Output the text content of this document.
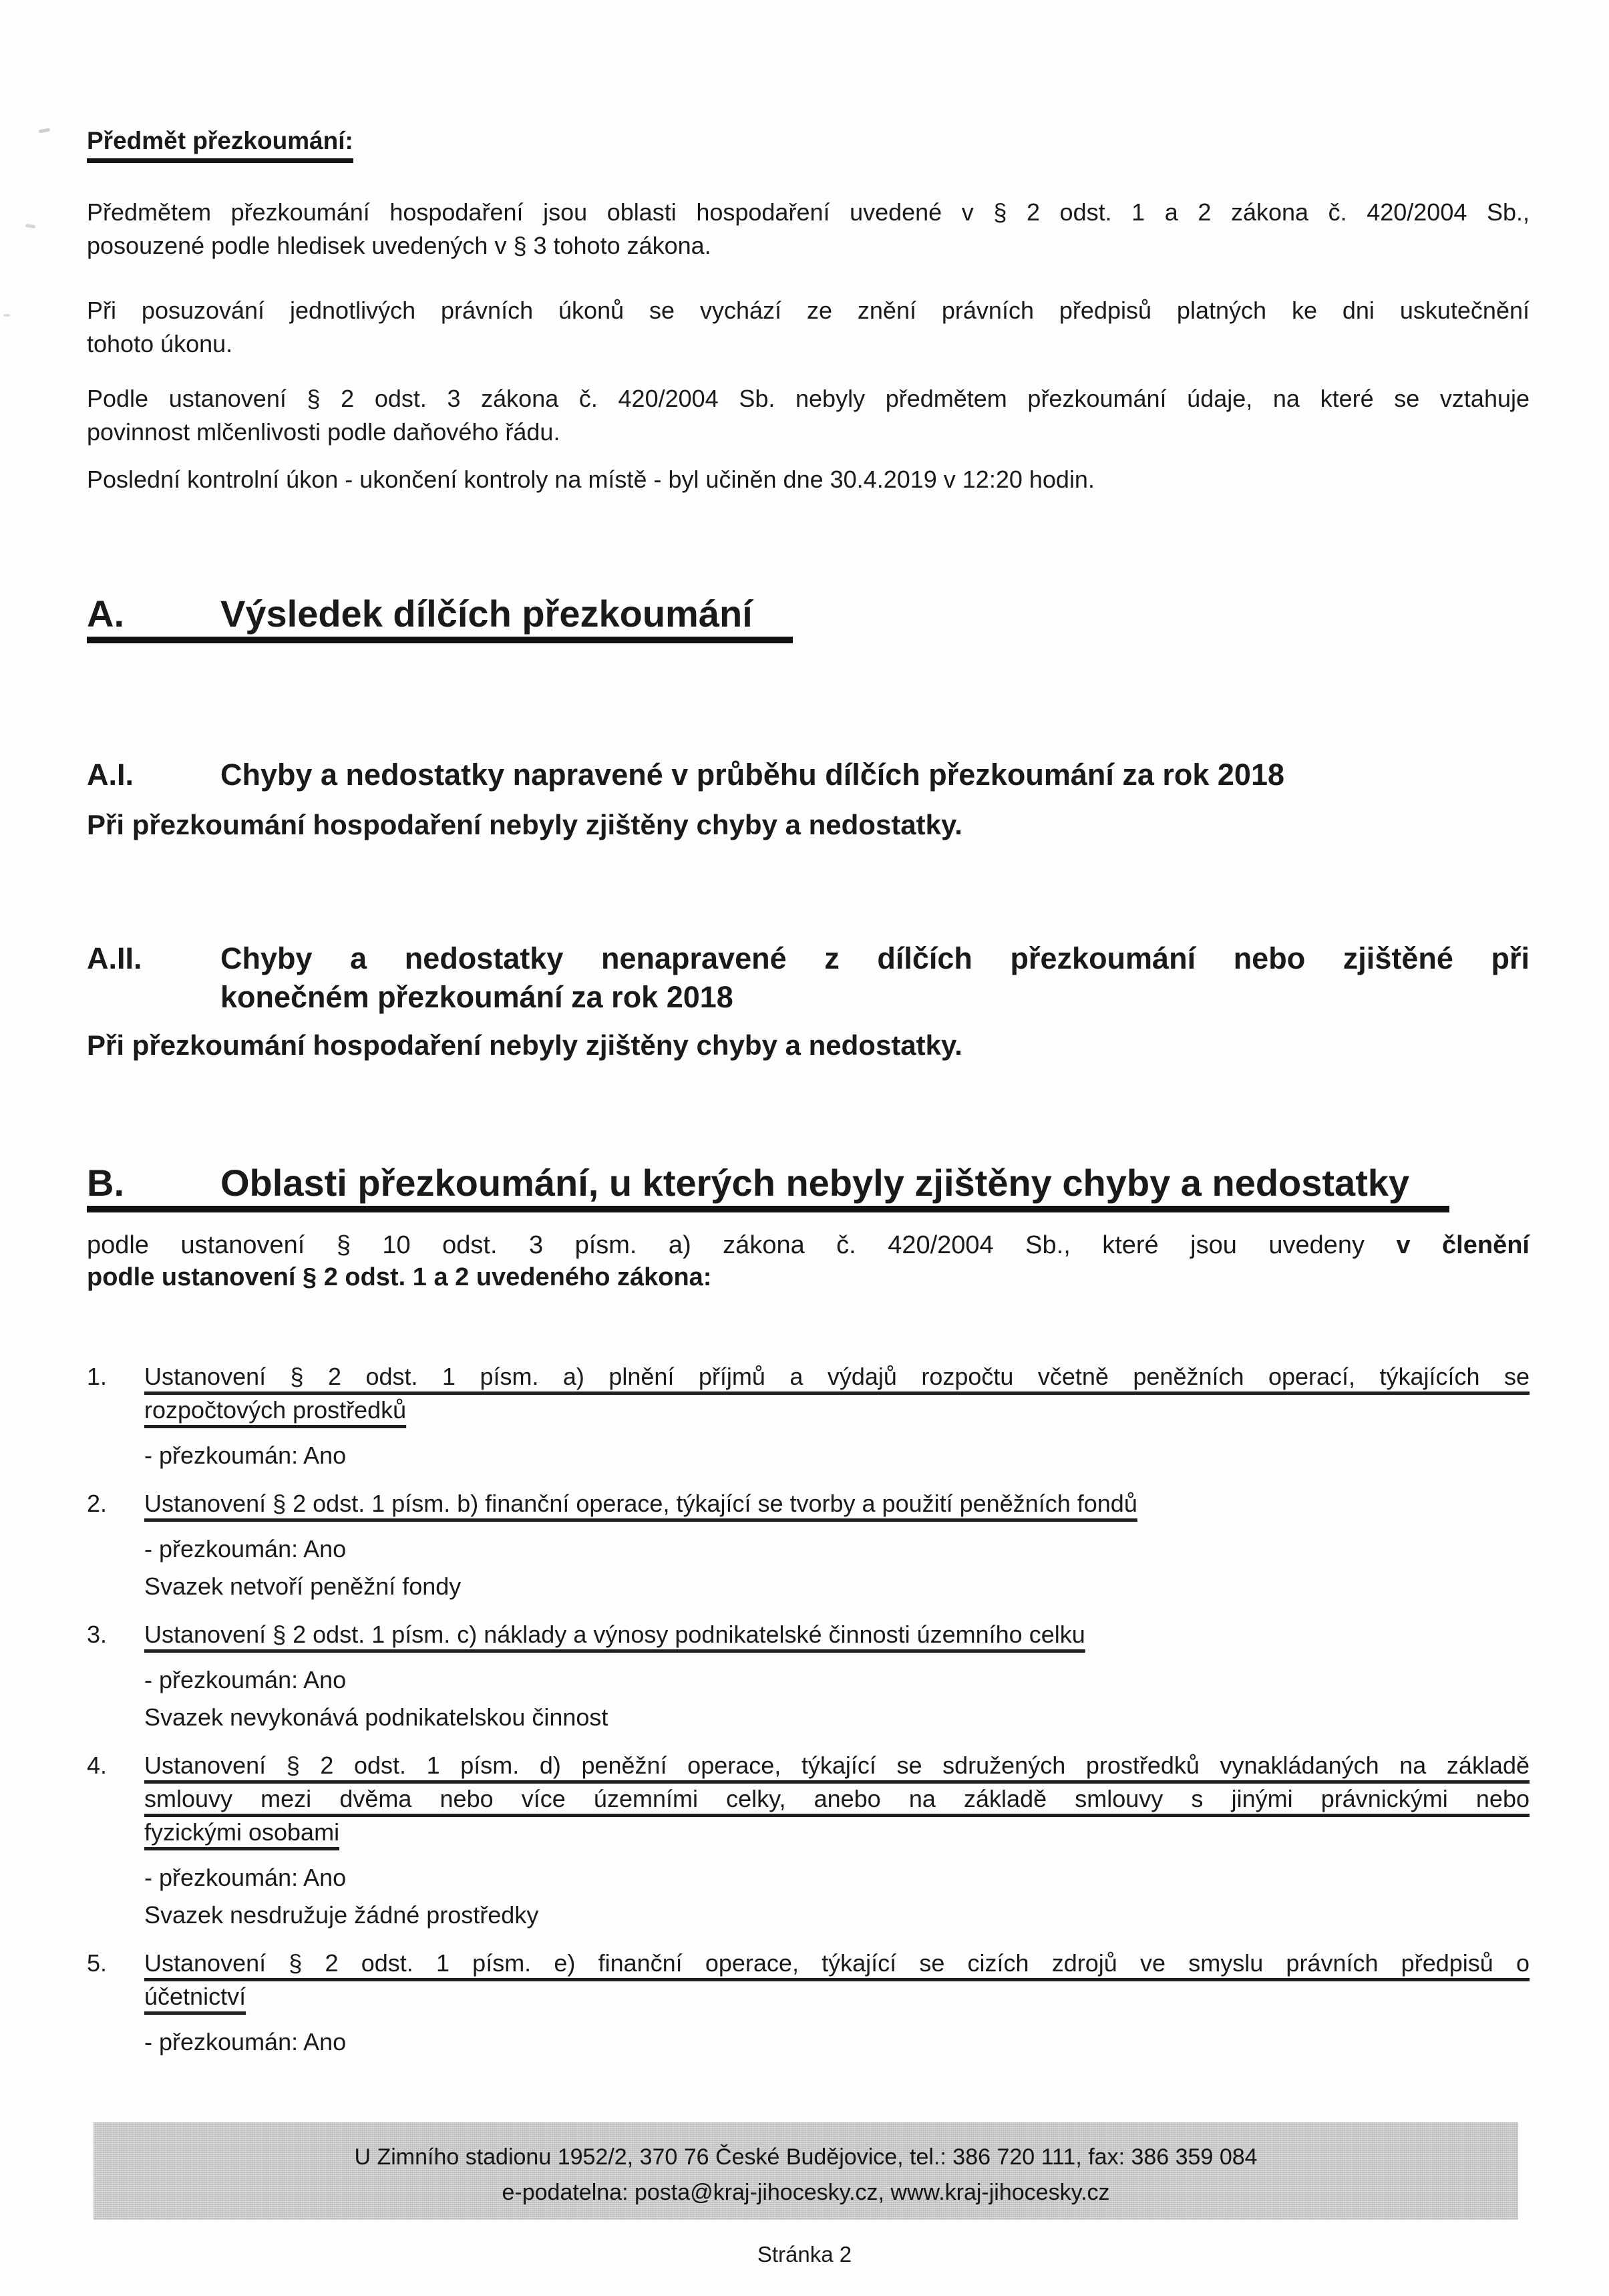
Předmět přezkoumání:
Předmětem přezkoumání hospodaření jsou oblasti hospodaření uvedené v § 2 odst. 1 a 2 zákona č. 420/2004 Sb.,
posouzené podle hledisek uvedených v § 3 tohoto zákona.
Při posuzování jednotlivých právních úkonů se vychází ze znění právních předpisů platných ke dni uskutečnění
tohoto úkonu.
Podle ustanovení § 2 odst. 3 zákona č. 420/2004 Sb. nebyly předmětem přezkoumání údaje, na které se vztahuje
povinnost mlčenlivosti podle daňového řádu.
Poslední kontrolní úkon - ukončení kontroly na místě - byl učiněn dne 30.4.2019 v 12:20 hodin.
A.	Výsledek dílčích přezkoumání
A.I.	Chyby a nedostatky napravené v průběhu dílčích přezkoumání za rok 2018
Při přezkoumání hospodaření nebyly zjištěny chyby a nedostatky.
A.II.	Chyby a nedostatky nenapravené z dílčích přezkoumání nebo zjištěné při
konečném přezkoumání za rok 2018
Při přezkoumání hospodaření nebyly zjištěny chyby a nedostatky.
B.	Oblasti přezkoumání, u kterých nebyly zjištěny chyby a nedostatky
podle ustanovení § 10 odst. 3 písm. a) zákona č. 420/2004 Sb., které jsou uvedeny v členění
podle ustanovení § 2 odst. 1 a 2 uvedeného zákona:
1.	Ustanovení § 2 odst. 1 písm. a) plnění příjmů a výdajů rozpočtu včetně peněžních operací, týkajících se
rozpočtových prostředků
- přezkoumán: Ano
2.	Ustanovení § 2 odst. 1 písm. b) finanční operace, týkající se tvorby a použití peněžních fondů
- přezkoumán: Ano
Svazek netvoří peněžní fondy
3.	Ustanovení § 2 odst. 1 písm. c) náklady a výnosy podnikatelské činnosti územního celku
- přezkoumán: Ano
Svazek nevykonává podnikatelskou činnost
4.	Ustanovení § 2 odst. 1 písm. d) peněžní operace, týkající se sdružených prostředků vynakládaných na základě
smlouvy mezi dvěma nebo více územními celky, anebo na základě smlouvy s jinými právnickými nebo
fyzickými osobami
- přezkoumán: Ano
Svazek nesdružuje žádné prostředky
5.	Ustanovení § 2 odst. 1 písm. e) finanční operace, týkající se cizích zdrojů ve smyslu právních předpisů o
účetnictví
- přezkoumán: Ano
U Zimního stadionu 1952/2, 370 76 České Budějovice, tel.: 386 720 111, fax: 386 359 084
e-podatelna: posta@kraj-jihocesky.cz, www.kraj-jihocesky.cz
Stránka 2
